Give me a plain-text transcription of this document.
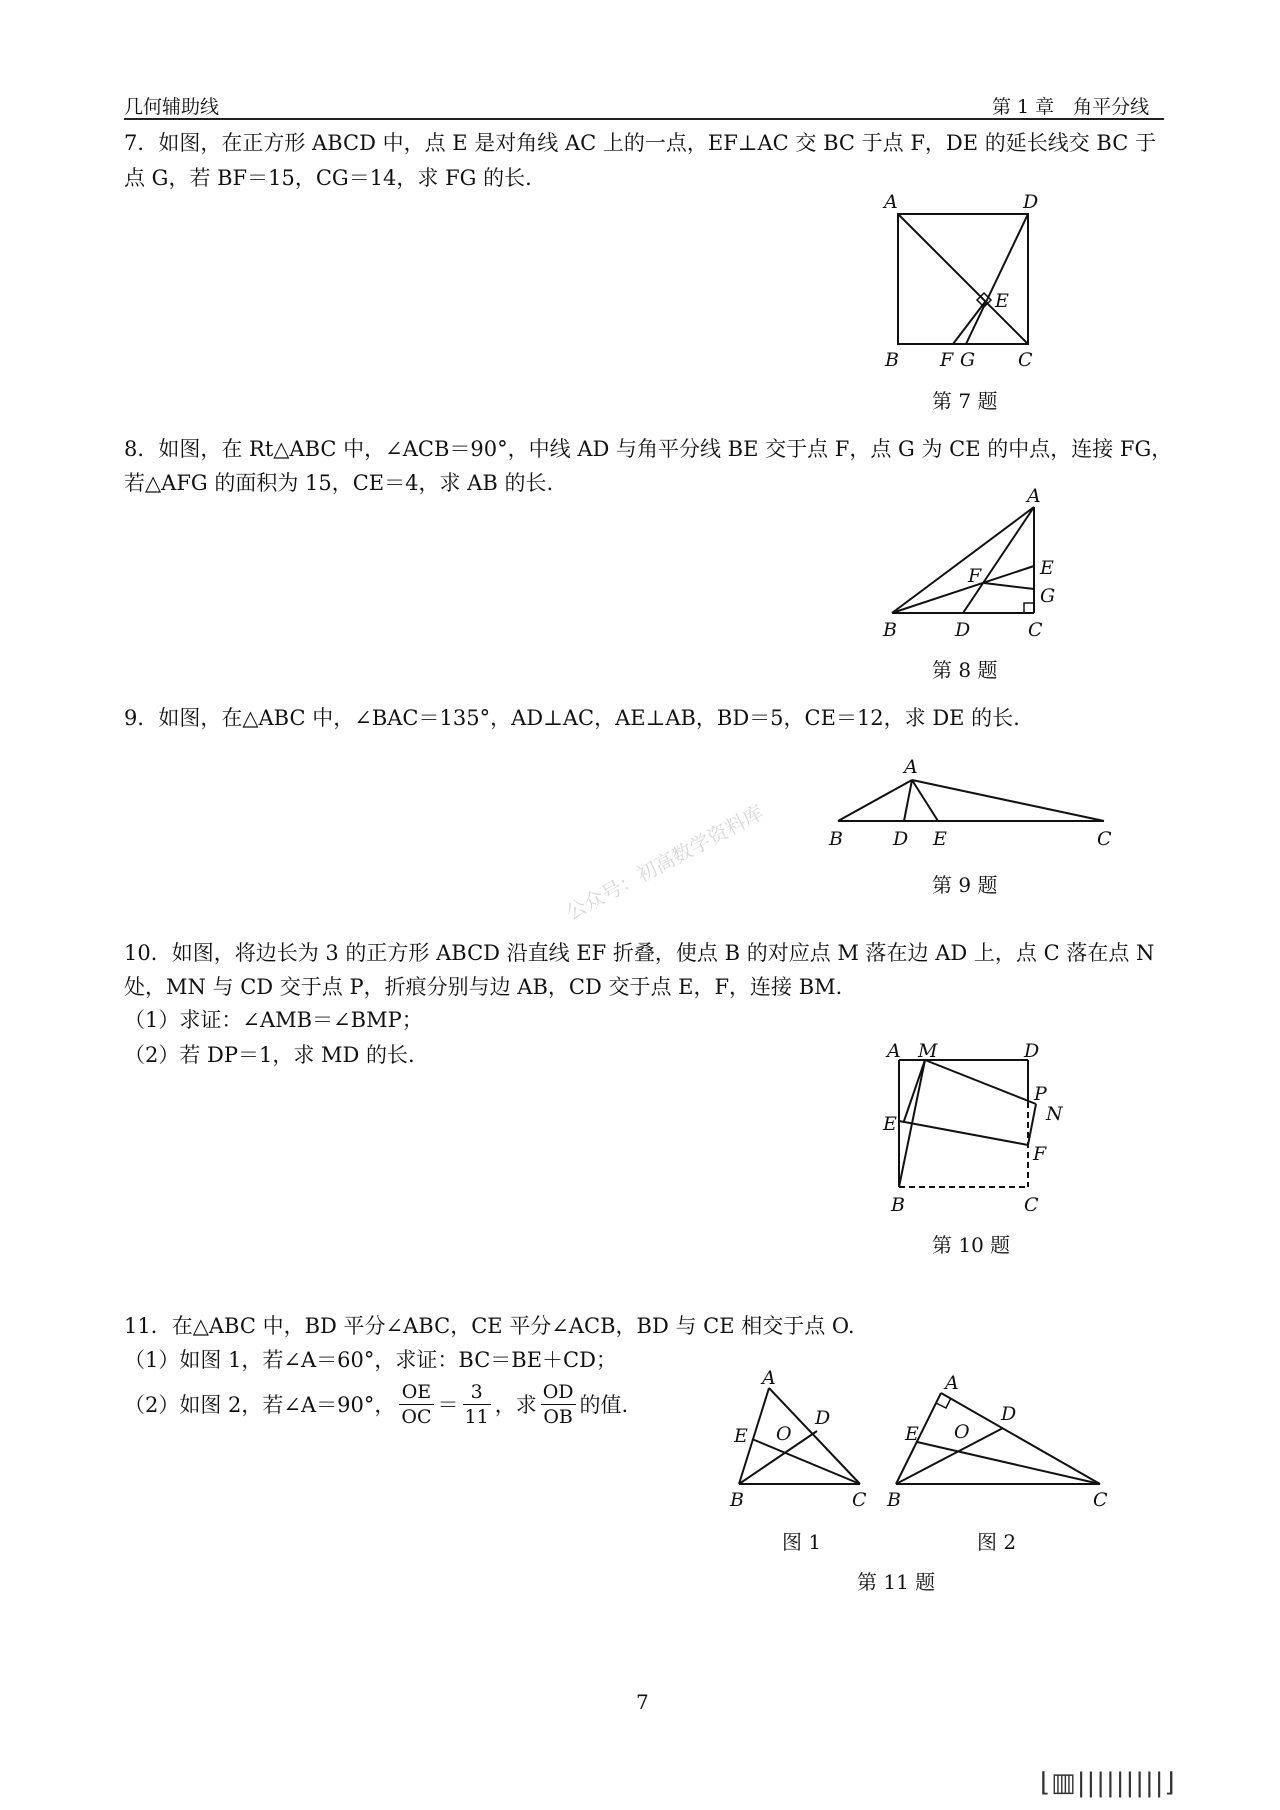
几何辅助线	第 1 章　角平分线
7．如图，在正方形 ABCD 中，点 E 是对角线 AC 上的一点，EF⊥AC 交 BC 于点 F，DE 的延长线交 BC 于
点 G，若 BF＝15，CG＝14，求 FG 的长.
A	D
E
B F G C
第 7 题
8．如图，在 Rt△ABC 中，∠ACB＝90°，中线 AD 与角平分线 BE 交于点 F，点 G 为 CE 的中点，连接 FG，
若△AFG 的面积为 15，CE＝4，求 AB 的长.
A
E
F
G
B	D	C
第 8 题
9．如图，在△ABC 中，∠BAC＝135°，AD⊥AC，AE⊥AB，BD＝5，CE＝12，求 DE 的长.
A
B	D E	C
第 9 题
公众号：初高数学资料库
10．如图，将边长为 3 的正方形 ABCD 沿直线 EF 折叠，使点 B 的对应点 M 落在边 AD 上，点 C 落在点 N
处，MN 与 CD 交于点 P，折痕分别与边 AB，CD 交于点 E，F，连接 BM.
（1）求证：∠AMB＝∠BMP；
（2）若 DP＝1，求 MD 的长.	A M	D
P
N
E
F
B	C
第 10 题
11．在△ABC 中，BD 平分∠ABC，CE 平分∠ACB，BD 与 CE 相交于点 O.
（1）如图 1，若∠A＝60°，求证：BC＝BE＋CD；
（2）如图 2，若∠A＝90°， $\frac{OE}{OC} = \frac{3}{11}$ ，求 $\frac{OD}{OB}$ 的值.
A
E O
D
B	C
A
E O
D
B	C
图 1	图 2
第 11 题
7
⌊▥|||||||||⌋
